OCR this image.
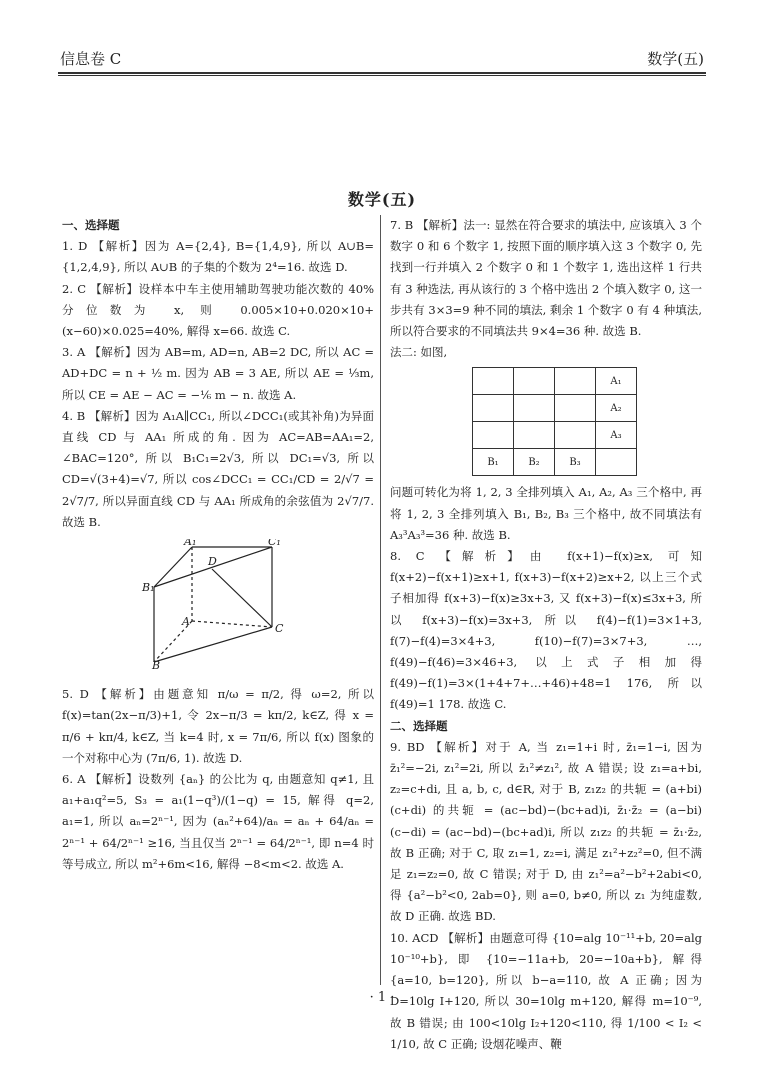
信息卷 C	数学(五)
数学(五)

一、选择题

1. D 【解析】因为 A={2,4}, B={1,4,9}, 所以 A∪B={1,2,4,9}, 所以 A∪B 的子集的个数为 2⁴=16. 故选 D.

2. C 【解析】设样本中车主使用辅助驾驶功能次数的 40% 分位数为 x, 则 0.005×10+0.020×10+(x−60)×0.025=40%, 解得 x=66. 故选 C.

3. A 【解析】因为 AB=m, AD=n, AB=2 DC, 所以 AC = AD+DC = n + ½ m. 因为 AB = 3 AE, 所以 AE = ⅓m, 所以 CE = AE − AC = −⅙ m − n. 故选 A.

4. B 【解析】因为 A₁A∥CC₁, 所以∠DCC₁(或其补角)为异面直线 CD 与 AA₁ 所成的角. 因为 AC=AB=AA₁=2, ∠BAC=120°, 所以 B₁C₁=2√3, 所以 DC₁=√3, 所以 CD=√(3+4)=√7, 所以 cos∠DCC₁ = CC₁/CD = 2/√7 = 2√7/7, 所以异面直线 CD 与 AA₁ 所成角的余弦值为 2√7/7. 故选 B.

A₁	C₁
B₁
D
A
C
B

5. D 【解析】由题意知 π/ω = π/2, 得 ω=2, 所以 f(x)=tan(2x−π/3)+1, 令 2x−π/3 = kπ/2, k∈Z, 得 x = π/6 + kπ/4, k∈Z, 当 k=4 时, x = 7π/6, 所以 f(x) 图象的一个对称中心为 (7π/6, 1). 故选 D.

6. A 【解析】设数列 {aₙ} 的公比为 q, 由题意知 q≠1, 且 a₁+a₁q²=5, S₃ = a₁(1−q³)/(1−q) = 15, 解得 q=2, a₁=1, 所以 aₙ=2ⁿ⁻¹, 因为 (aₙ²+64)/aₙ = aₙ + 64/aₙ = 2ⁿ⁻¹ + 64/2ⁿ⁻¹ ≥16, 当且仅当 2ⁿ⁻¹ = 64/2ⁿ⁻¹, 即 n=4 时等号成立, 所以 m²+6m<16, 解得 −8<m<2. 故选 A.

7. B 【解析】法一: 显然在符合要求的填法中, 应该填入 3 个数字 0 和 6 个数字 1, 按照下面的顺序填入这 3 个数字 0, 先找到一行并填入 2 个数字 0 和 1 个数字 1, 选出这样 1 行共有 3 种选法, 再从该行的 3 个格中选出 2 个填入数字 0, 这一步共有 3×3=9 种不同的填法, 剩余 1 个数字 0 有 4 种填法, 所以符合要求的不同填法共 9×4=36 种. 故选 B.

法二: 如图,

			A₁
			A₂
			A₃
B₁	B₂	B₃	

问题可转化为将 1, 2, 3 全排列填入 A₁, A₂, A₃ 三个格中, 再将 1, 2, 3 全排列填入 B₁, B₂, B₃ 三个格中, 故不同填法有 A₃³A₃³=36 种. 故选 B.

8. C 【解析】由 f(x+1)−f(x)≥x, 可知 f(x+2)−f(x+1)≥x+1, f(x+3)−f(x+2)≥x+2, 以上三个式子相加得 f(x+3)−f(x)≥3x+3, 又 f(x+3)−f(x)≤3x+3, 所以 f(x+3)−f(x)=3x+3, 所以 f(4)−f(1)=3×1+3, f(7)−f(4)=3×4+3, f(10)−f(7)=3×7+3, …, f(49)−f(46)=3×46+3, 以上式子相加得 f(49)−f(1)=3×(1+4+7+…+46)+48=1 176, 所以 f(49)=1 178. 故选 C.

二、选择题

9. BD 【解析】对于 A, 当 z₁=1+i 时, z̄₁=1−i, 因为 z̄₁²=−2i, z₁²=2i, 所以 z̄₁²≠z₁², 故 A 错误; 设 z₁=a+bi, z₂=c+di, 且 a, b, c, d∈R, 对于 B, z₁z₂ 的共轭 = (a+bi)(c+di) 的共轭 = (ac−bd)−(bc+ad)i, z̄₁·z̄₂ = (a−bi)(c−di) = (ac−bd)−(bc+ad)i, 所以 z₁z₂ 的共轭 = z̄₁·z̄₂, 故 B 正确; 对于 C, 取 z₁=1, z₂=i, 满足 z₁²+z₂²=0, 但不满足 z₁=z₂=0, 故 C 错误; 对于 D, 由 z₁²=a²−b²+2abi<0, 得 {a²−b²<0, 2ab=0}, 则 a=0, b≠0, 所以 z₁ 为纯虚数, 故 D 正确. 故选 BD.

10. ACD 【解析】由题意可得 {10=alg 10⁻¹¹+b, 20=alg 10⁻¹⁰+b}, 即 {10=−11a+b, 20=−10a+b}, 解得 {a=10, b=120}, 所以 b−a=110, 故 A 正确; 因为 D=10lg I+120, 所以 30=10lg m+120, 解得 m=10⁻⁹, 故 B 错误; 由 100<10lg I₂+120<110, 得 1/100 < I₂ < 1/10, 故 C 正确; 设烟花噪声、鞭

· 1 ·
